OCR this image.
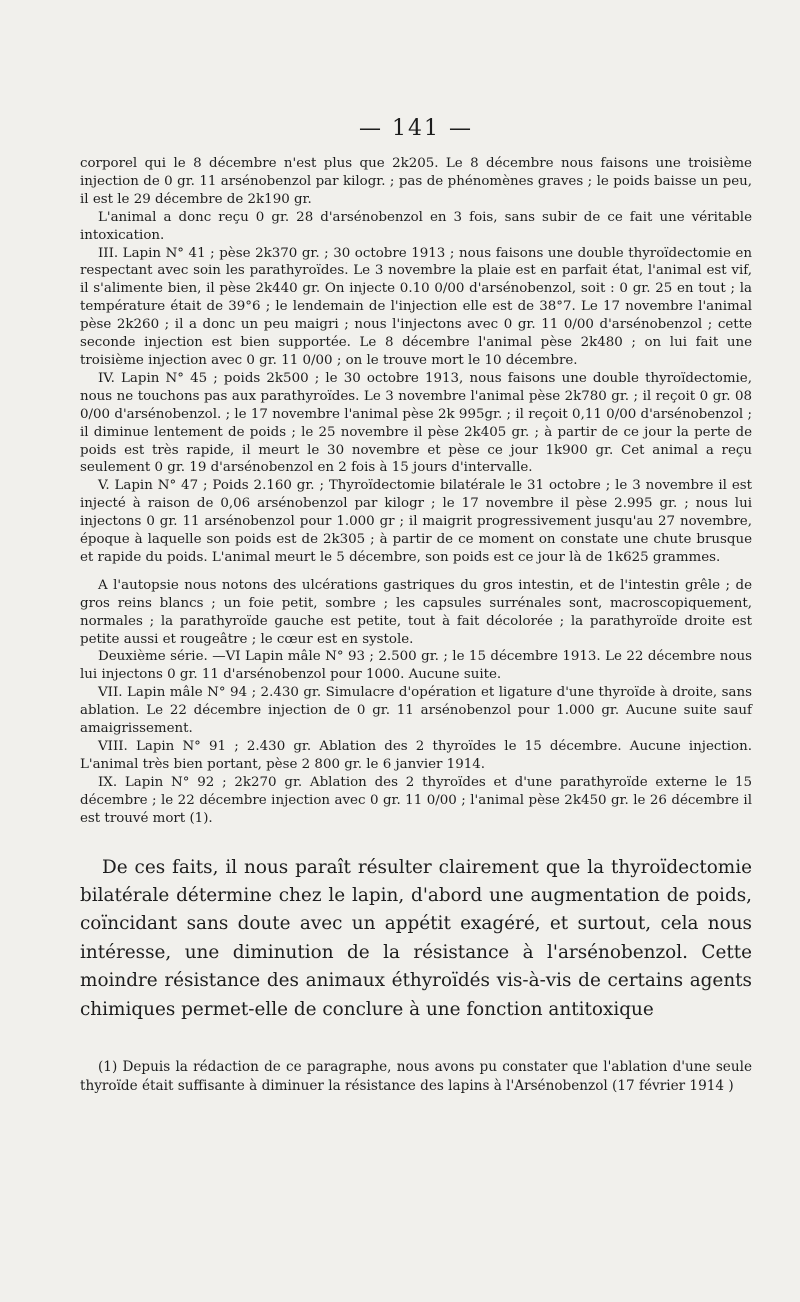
— 141 —

corporel qui le 8 décembre n'est plus que 2k205. Le 8 décembre nous faisons une troisième injection de 0 gr. 11 arsénobenzol par kilogr. ; pas de phénomènes graves ; le poids baisse un peu, il est le 29 décembre de 2k190 gr.

L'animal a donc reçu 0 gr. 28 d'arsénobenzol en 3 fois, sans subir de ce fait une véritable intoxication.

III. Lapin N° 41 ; pèse 2k370 gr. ; 30 octobre 1913 ; nous faisons une double thyroïdectomie en respectant avec soin les parathyroïdes. Le 3 novembre la plaie est en parfait état, l'animal est vif, il s'alimente bien, il pèse 2k440 gr. On injecte 0.10 0/00 d'arsénobenzol, soit : 0 gr. 25 en tout ; la température était de 39°6 ; le lendemain de l'injection elle est de 38°7. Le 17 novembre l'animal pèse 2k260 ; il a donc un peu maigri ; nous l'injectons avec 0 gr. 11 0/00 d'arsénobenzol ; cette seconde injection est bien supportée. Le 8 décembre l'animal pèse 2k480 ; on lui fait une troisième injection avec 0 gr. 11 0/00 ; on le trouve mort le 10 décembre.

IV. Lapin N° 45 ; poids 2k500 ; le 30 octobre 1913, nous faisons une double thyroïdectomie, nous ne touchons pas aux parathyroïdes. Le 3 novembre l'animal pèse 2k780 gr. ; il reçoit 0 gr. 08 0/00 d'arsénobenzol. ; le 17 novembre l'animal pèse 2k 995gr. ; il reçoit 0,11 0/00 d'arsénobenzol ; il diminue lentement de poids ; le 25 novembre il pèse 2k405 gr. ; à partir de ce jour la perte de poids est très rapide, il meurt le 30 novembre et pèse ce jour 1k900 gr. Cet animal a reçu seulement 0 gr. 19 d'arsénobenzol en 2 fois à 15 jours d'intervalle.

V. Lapin N° 47 ; Poids 2.160 gr. ; Thyroïdectomie bilatérale le 31 octobre ; le 3 novembre il est injecté à raison de 0,06 arsénobenzol par kilogr ; le 17 novembre il pèse 2.995 gr. ; nous lui injectons 0 gr. 11 arsénobenzol pour 1.000 gr ; il maigrit progressivement jusqu'au 27 novembre, époque à laquelle son poids est de 2k305 ; à partir de ce moment on constate une chute brusque et rapide du poids. L'animal meurt le 5 décembre, son poids est ce jour là de 1k625 grammes.

A l'autopsie nous notons des ulcérations gastriques du gros intestin, et de l'intestin grêle ; de gros reins blancs ; un foie petit, sombre ; les capsules surrénales sont, macroscopiquement, normales ; la parathyroïde gauche est petite, tout à fait décolorée ; la parathyroïde droite est petite aussi et rougeâtre ; le cœur est en systole.

Deuxième série. —VI Lapin mâle N° 93 ; 2.500 gr. ; le 15 décembre 1913. Le 22 décembre nous lui injectons 0 gr. 11 d'arsénobenzol pour 1000. Aucune suite.

VII. Lapin mâle N° 94 ; 2.430 gr. Simulacre d'opération et ligature d'une thyroïde à droite, sans ablation. Le 22 décembre injection de 0 gr. 11 arsénobenzol pour 1.000 gr. Aucune suite sauf amaigrissement.

VIII. Lapin N° 91 ; 2.430 gr. Ablation des 2 thyroïdes le 15 décembre. Aucune injection. L'animal très bien portant, pèse 2 800 gr. le 6 janvier 1914.

IX. Lapin N° 92 ; 2k270 gr. Ablation des 2 thyroïdes et d'une parathyroïde externe le 15 décembre ; le 22 décembre injection avec 0 gr. 11 0/00 ; l'animal pèse 2k450 gr. le 26 décembre il est trouvé mort (1).

De ces faits, il nous paraît résulter clairement que la thyroïdectomie bilatérale détermine chez le lapin, d'abord une augmentation de poids, coïncidant sans doute avec un appétit exagéré, et surtout, cela nous intéresse, une diminution de la résistance à l'arsénobenzol. Cette moindre résistance des animaux éthyroïdés vis-à-vis de certains agents chimiques permet-elle de conclure à une fonction antitoxique

(1) Depuis la rédaction de ce paragraphe, nous avons pu constater que l'ablation d'une seule thyroïde était suffisante à diminuer la résistance des lapins à l'Arsénobenzol (17 février 1914 )
